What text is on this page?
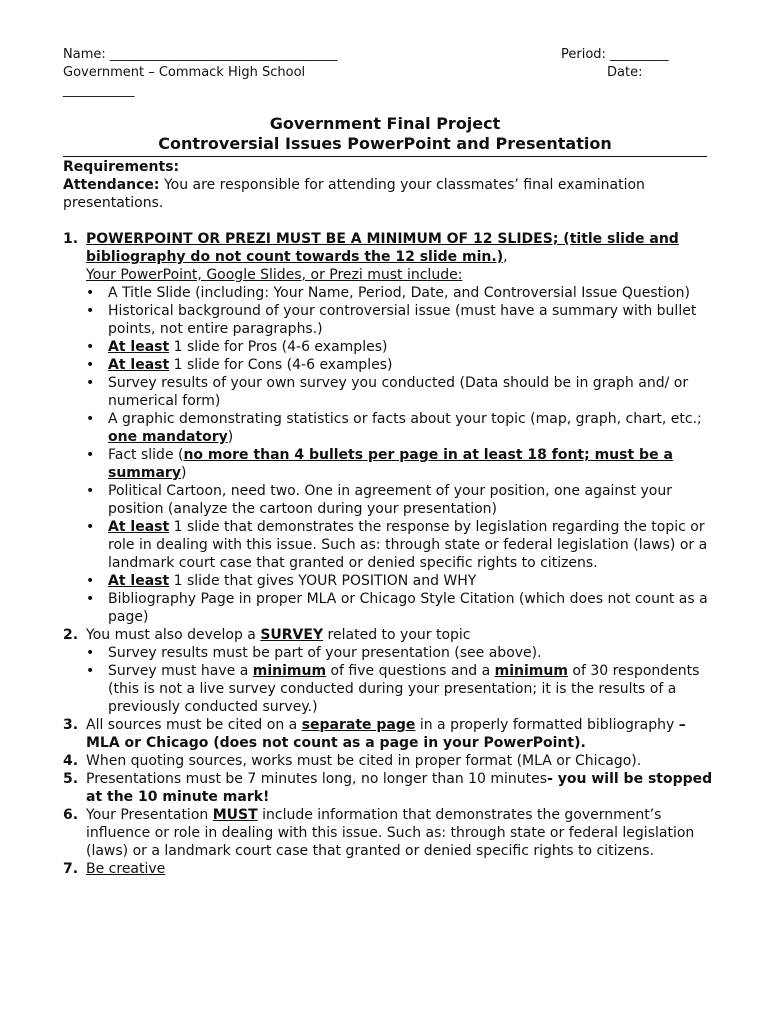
Name: ___________________________________	Period: _________
Government – Commack High School	Date:
___________
Government Final Project
Controversial Issues PowerPoint and Presentation

Requirements:

Attendance: You are responsible for attending your classmates’ final examination presentations.

1. POWERPOINT OR PREZI MUST BE A MINIMUM OF 12 SLIDES; (title slide and bibliography do not count towards the 12 slide min.),
Your PowerPoint, Google Slides, or Prezi must include:
• A Title Slide (including: Your Name, Period, Date, and Controversial Issue Question)
• Historical background of your controversial issue (must have a summary with bullet points, not entire paragraphs.)
• At least 1 slide for Pros (4-6 examples)
• At least 1 slide for Cons (4-6 examples)
• Survey results of your own survey you conducted (Data should be in graph and/ or numerical form)
• A graphic demonstrating statistics or facts about your topic (map, graph, chart, etc.; one mandatory)
• Fact slide (no more than 4 bullets per page in at least 18 font; must be a summary)
• Political Cartoon, need two. One in agreement of your position, one against your position (analyze the cartoon during your presentation)
• At least 1 slide that demonstrates the response by legislation regarding the topic or role in dealing with this issue. Such as: through state or federal legislation (laws) or a landmark court case that granted or denied specific rights to citizens.
• At least 1 slide that gives YOUR POSITION and WHY
• Bibliography Page in proper MLA or Chicago Style Citation (which does not count as a page)
2. You must also develop a SURVEY related to your topic
• Survey results must be part of your presentation (see above).
• Survey must have a minimum of five questions and a minimum of 30 respondents (this is not a live survey conducted during your presentation; it is the results of a previously conducted survey.)
3. All sources must be cited on a separate page in a properly formatted bibliography – MLA or Chicago (does not count as a page in your PowerPoint).
4. When quoting sources, works must be cited in proper format (MLA or Chicago).
5. Presentations must be 7 minutes long, no longer than 10 minutes- you will be stopped at the 10 minute mark!
6. Your Presentation MUST include information that demonstrates the government’s influence or role in dealing with this issue. Such as: through state or federal legislation (laws) or a landmark court case that granted or denied specific rights to citizens.
7. Be creative
